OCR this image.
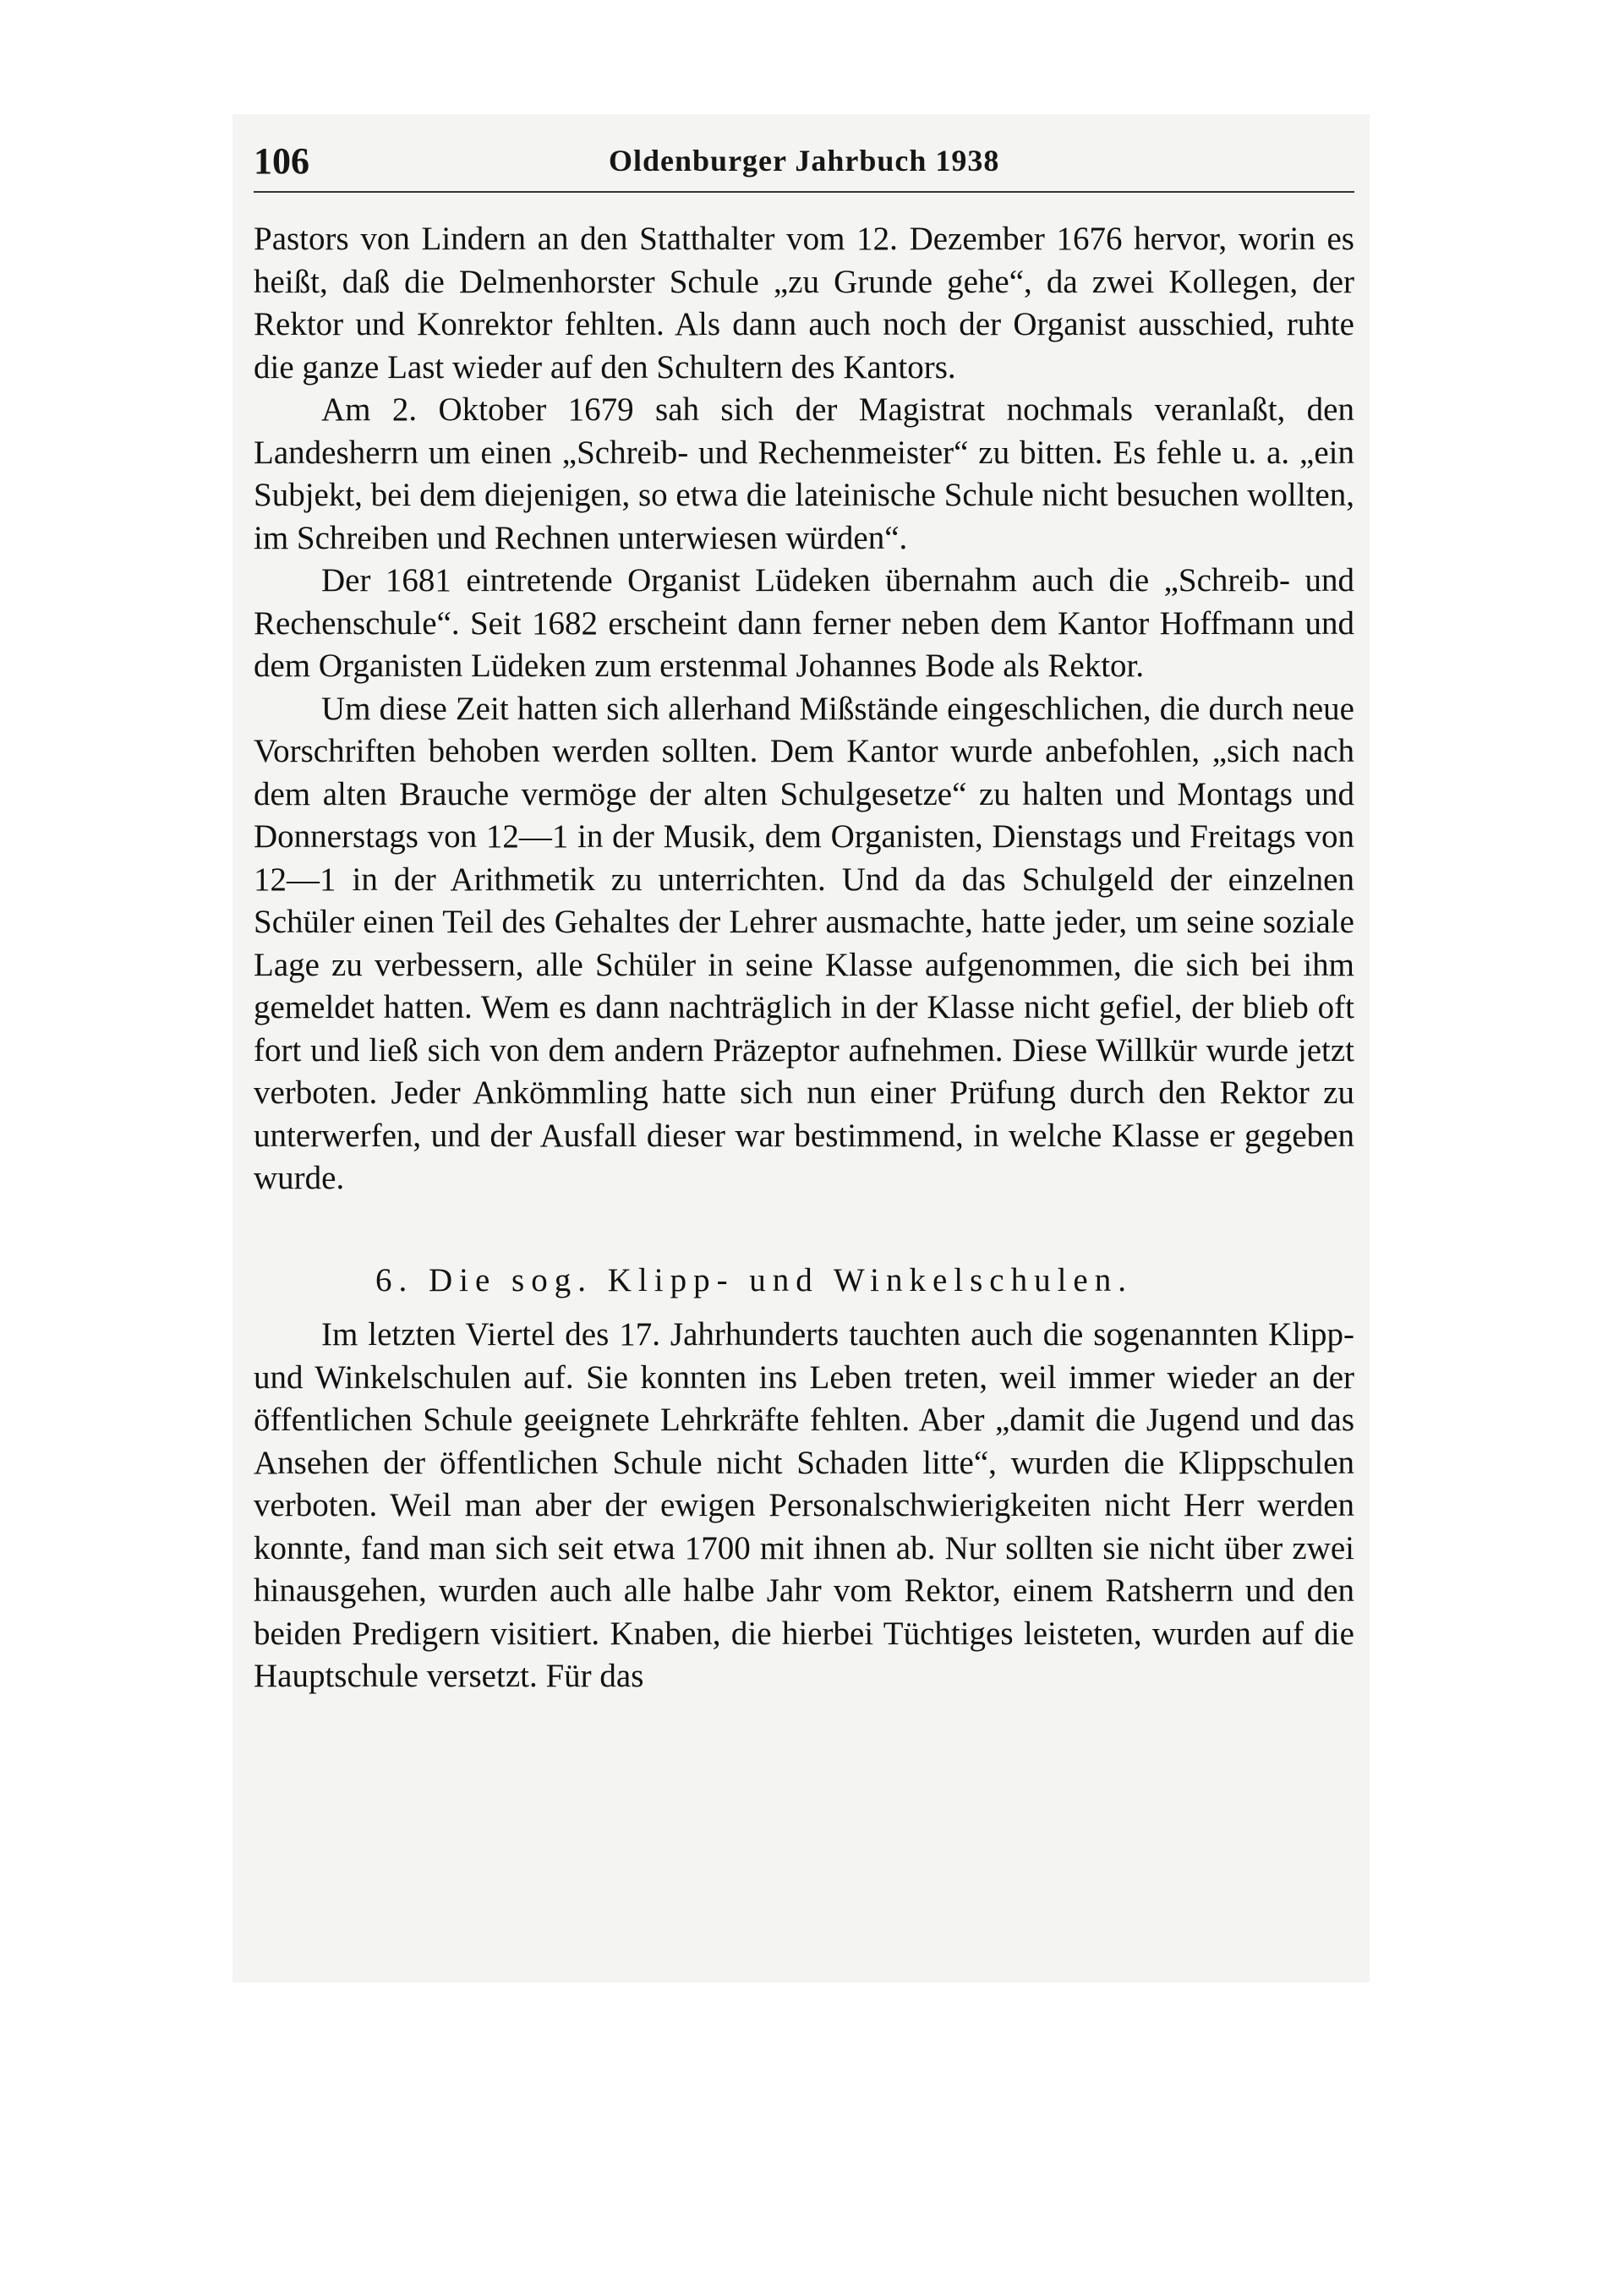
106	Oldenburger Jahrbuch 1938

Pastors von Lindern an den Statthalter vom 12. Dezember 1676 hervor, worin es heißt, daß die Delmenhorster Schule „zu Grunde gehe“, da zwei Kollegen, der Rektor und Konrektor fehlten. Als dann auch noch der Organist ausschied, ruhte die ganze Last wieder auf den Schultern des Kantors.

Am 2. Oktober 1679 sah sich der Magistrat nochmals veranlaßt, den Landesherrn um einen „Schreib- und Rechenmeister“ zu bitten. Es fehle u. a. „ein Subjekt, bei dem diejenigen, so etwa die lateinische Schule nicht besuchen wollten, im Schreiben und Rechnen unterwiesen würden“.

Der 1681 eintretende Organist Lüdeken übernahm auch die „Schreib- und Rechenschule“. Seit 1682 erscheint dann ferner neben dem Kantor Hoffmann und dem Organisten Lüdeken zum erstenmal Johannes Bode als Rektor.

Um diese Zeit hatten sich allerhand Mißstände eingeschlichen, die durch neue Vorschriften behoben werden sollten. Dem Kantor wurde anbefohlen, „sich nach dem alten Brauche vermöge der alten Schulgesetze“ zu halten und Montags und Donnerstags von 12—1 in der Musik, dem Organisten, Dienstags und Freitags von 12—1 in der Arithmetik zu unterrichten. Und da das Schulgeld der einzelnen Schüler einen Teil des Gehaltes der Lehrer ausmachte, hatte jeder, um seine soziale Lage zu verbessern, alle Schüler in seine Klasse aufgenommen, die sich bei ihm gemeldet hatten. Wem es dann nachträglich in der Klasse nicht gefiel, der blieb oft fort und ließ sich von dem andern Präzeptor aufnehmen. Diese Willkür wurde jetzt verboten. Jeder Ankömmling hatte sich nun einer Prüfung durch den Rektor zu unterwerfen, und der Ausfall dieser war bestimmend, in welche Klasse er gegeben wurde.

6. Die sog. Klipp- und Winkelschulen.

Im letzten Viertel des 17. Jahrhunderts tauchten auch die sogenannten Klipp- und Winkelschulen auf. Sie konnten ins Leben treten, weil immer wieder an der öffentlichen Schule geeignete Lehrkräfte fehlten. Aber „damit die Jugend und das Ansehen der öffentlichen Schule nicht Schaden litte“, wurden die Klippschulen verboten. Weil man aber der ewigen Personalschwierigkeiten nicht Herr werden konnte, fand man sich seit etwa 1700 mit ihnen ab. Nur sollten sie nicht über zwei hinausgehen, wurden auch alle halbe Jahr vom Rektor, einem Ratsherrn und den beiden Predigern visitiert. Knaben, die hierbei Tüchtiges leisteten, wurden auf die Hauptschule versetzt. Für das
